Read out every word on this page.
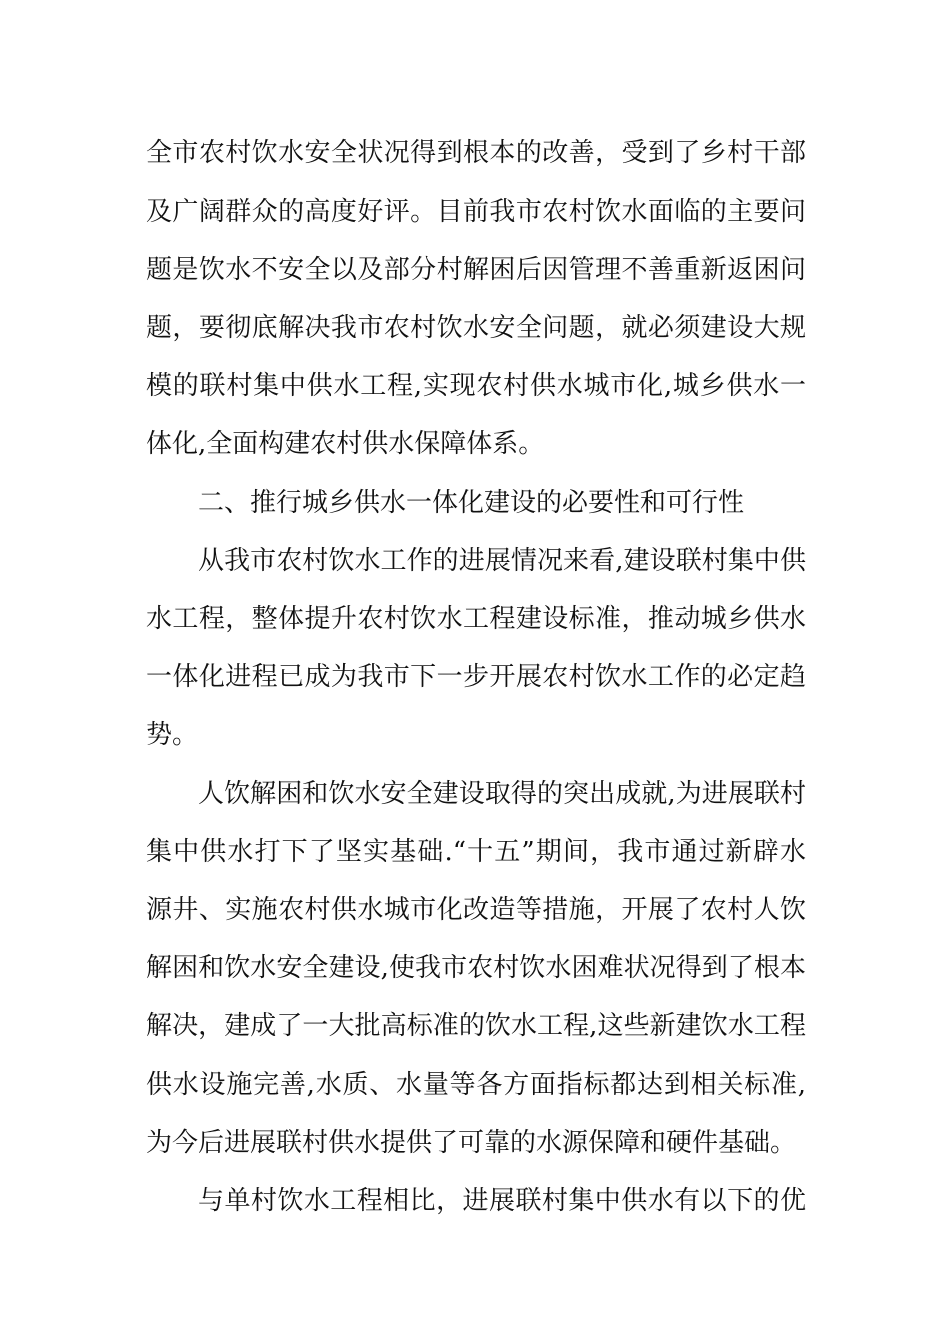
全市农村饮水安全状况得到根本的改善，受到了乡村干部
及广阔群众的高度好评。目前我市农村饮水面临的主要问
题是饮水不安全以及部分村解困后因管理不善重新返困问
题，要彻底解决我市农村饮水安全问题，就必须建设大规
模的联村集中供水工程,实现农村供水城市化,城乡供水一
体化,全面构建农村供水保障体系。
二、推行城乡供水一体化建设的必要性和可行性
从我市农村饮水工作的进展情况来看,建设联村集中供
水工程，整体提升农村饮水工程建设标准，推动城乡供水
一体化进程已成为我市下一步开展农村饮水工作的必定趋
势。
人饮解困和饮水安全建设取得的突出成就,为进展联村
集中供水打下了坚实基础.“十五”期间，我市通过新辟水
源井、实施农村供水城市化改造等措施，开展了农村人饮
解困和饮水安全建设,使我市农村饮水困难状况得到了根本
解决，建成了一大批高标准的饮水工程,这些新建饮水工程
供水设施完善,水质、水量等各方面指标都达到相关标准,
为今后进展联村供水提供了可靠的水源保障和硬件基础。
与单村饮水工程相比，进展联村集中供水有以下的优
